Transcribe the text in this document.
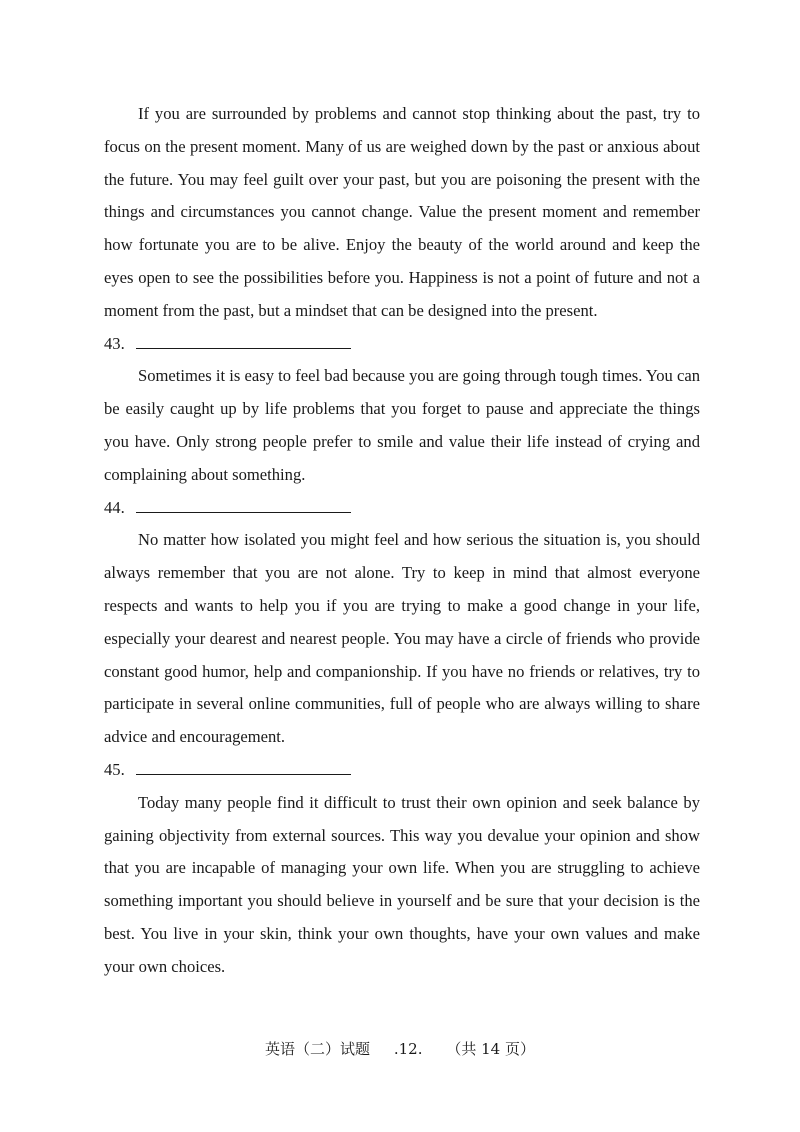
If you are surrounded by problems and cannot stop thinking about the past, try to focus on the present moment. Many of us are weighed down by the past or anxious about the future. You may feel guilt over your past, but you are poisoning the present with the things and circumstances you cannot change. Value the present moment and remember how fortunate you are to be alive. Enjoy the beauty of the world around and keep the eyes open to see the possibilities before you. Happiness is not a point of future and not a moment from the past, but a mindset that can be designed into the present.

43.

Sometimes it is easy to feel bad because you are going through tough times. You can be easily caught up by life problems that you forget to pause and appreciate the things you have. Only strong people prefer to smile and value their life instead of crying and complaining about something.

44.

No matter how isolated you might feel and how serious the situation is, you should always remember that you are not alone. Try to keep in mind that almost everyone respects and wants to help you if you are trying to make a good change in your life, especially your dearest and nearest people. You may have a circle of friends who provide constant good humor, help and companionship. If you have no friends or relatives, try to participate in several online communities, full of people who are always willing to share advice and encouragement.

45.

Today many people find it difficult to trust their own opinion and seek balance by gaining objectivity from external sources. This way you devalue your opinion and show that you are incapable of managing your own life. When you are struggling to achieve something important you should believe in yourself and be sure that your decision is the best. You live in your skin, think your own thoughts, have your own values and make your own choices.

英语（二）试题 .12. （共 14 页）
